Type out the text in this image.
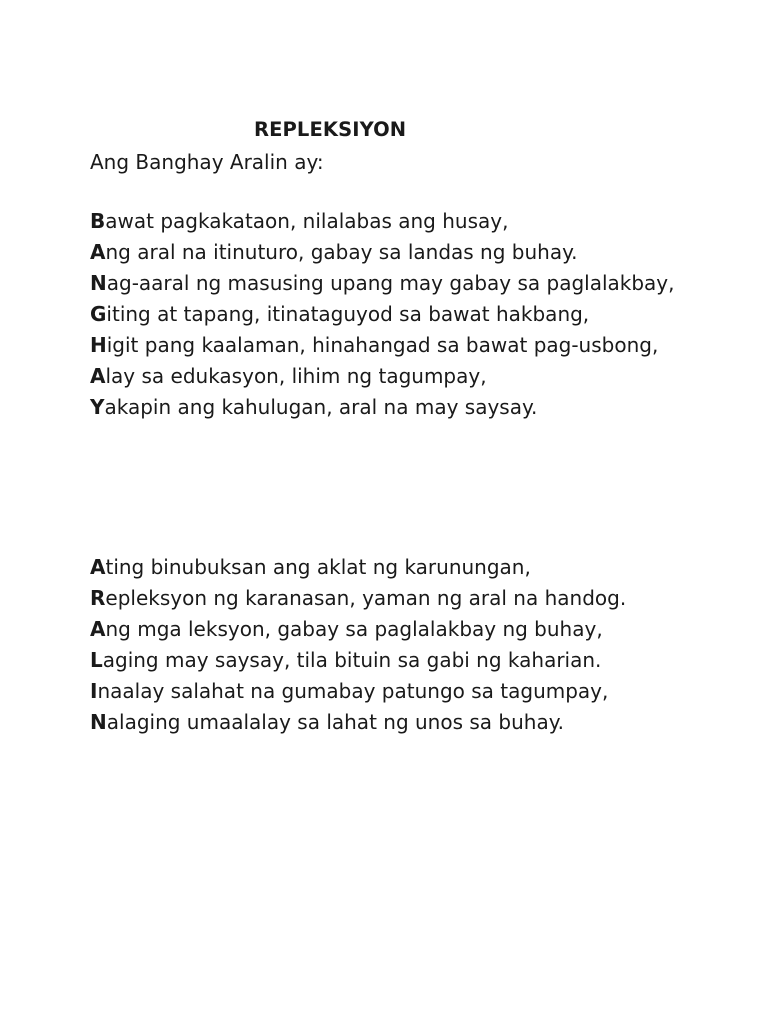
REPLEKSIYON
Ang Banghay Aralin ay:
Bawat pagkakataon, nilalabas ang husay,
Ang aral na itinuturo, gabay sa landas ng buhay.
Nag-aaral ng masusing upang may gabay sa paglalakbay,
Giting at tapang, itinataguyod sa bawat hakbang,
Higit pang kaalaman, hinahangad sa bawat pag-usbong,
Alay sa edukasyon, lihim ng tagumpay,
Yakapin ang kahulugan, aral na may saysay.
Ating binubuksan ang aklat ng karunungan,
Repleksyon ng karanasan, yaman ng aral na handog.
Ang mga leksyon, gabay sa paglalakbay ng buhay,
Laging may saysay, tila bituin sa gabi ng kaharian.
Inaalay salahat na gumabay patungo sa tagumpay,
Nalaging umaalalay sa lahat ng unos sa buhay.
